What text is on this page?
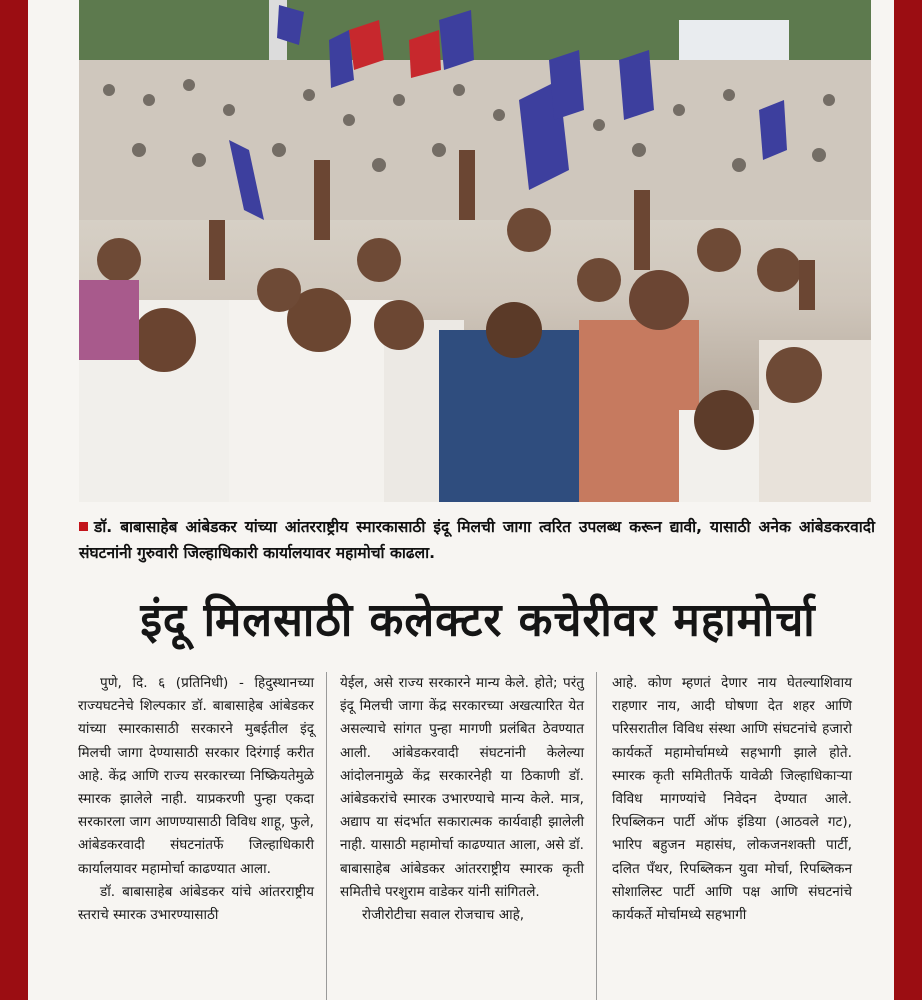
डॉ. बाबासाहेब आंबेडकर यांच्या आंतरराष्ट्रीय स्मारकासाठी इंदू मिलची जागा त्वरित उपलब्ध करून द्यावी, यासाठी अनेक आंबेडकरवादी संघटनांनी गुरुवारी जिल्हाधिकारी कार्यालयावर महामोर्चा काढला.
इंदू मिलसाठी कलेक्टर कचेरीवर महामोर्चा

पुणे, दि. ६ (प्रतिनिधी) - हिदुस्थानच्या राज्यघटनेचे शिल्पकार डॉ. बाबासाहेब आंबेडकर यांच्या स्मारकासाठी सरकारने मुबईतील इंदू मिलची जागा देण्यासाठी सरकार दिरंगाई करीत आहे. केंद्र आणि राज्य सरकारच्या निष्क्रियतेमुळे स्मारक झालेले नाही. याप्रकरणी पुन्हा एकदा सरकारला जाग आणण्यासाठी विविध शाहू, फुले, आंबेडकरवादी संघटनांतर्फे जिल्हाधिकारी कार्यालयावर महामोर्चा काढण्यात आला.

डॉ. बाबासाहेब आंबेडकर यांचे आंतरराष्ट्रीय स्तराचे स्मारक उभारण्यासाठी

येईल, असे राज्य सरकारने मान्य केले. होते; परंतु इंदू मिलची जागा केंद्र सरकारच्या अखत्यारित येत असल्याचे सांगत पुन्हा मागणी प्रलंबित ठेवण्यात आली. आंबेडकरवादी संघटनांनी केलेल्या आंदोलनामुळे केंद्र सरकारनेही या ठिकाणी डॉ. आंबेडकरांचे स्मारक उभारण्याचे मान्य केले. मात्र, अद्याप या संदर्भात सकारात्मक कार्यवाही झालेली नाही. यासाठी महामोर्चा काढण्यात आला, असे डॉ. बाबासाहेब आंबेडकर आंतरराष्ट्रीय स्मारक कृती समितीचे परशुराम वाडेकर यांनी सांगितले.

रोजीरोटीचा सवाल रोजचाच आहे,

आहे. कोण म्हणतं देणार नाय घेतल्याशिवाय राहणार नाय, आदी घोषणा देत शहर आणि परिसरातील विविध संस्था आणि संघटनांचे हजारो कार्यकर्ते महामोर्चामध्ये सहभागी झाले होते. स्मारक कृती समितीतर्फे यावेळी जिल्हाधिकाऱ्या विविध मागण्यांचे निवेदन देण्यात आले. रिपब्लिकन पार्टी ऑफ इंडिया (आठवले गट), भारिप बहुजन महासंघ, लोकजनशक्ती पार्टी, दलित पँथर, रिपब्लिकन युवा मोर्चा, रिपब्लिकन सोशालिस्ट पार्टी आणि पक्ष आणि संघटनांचे कार्यकर्ते मोर्चामध्ये सहभागी
